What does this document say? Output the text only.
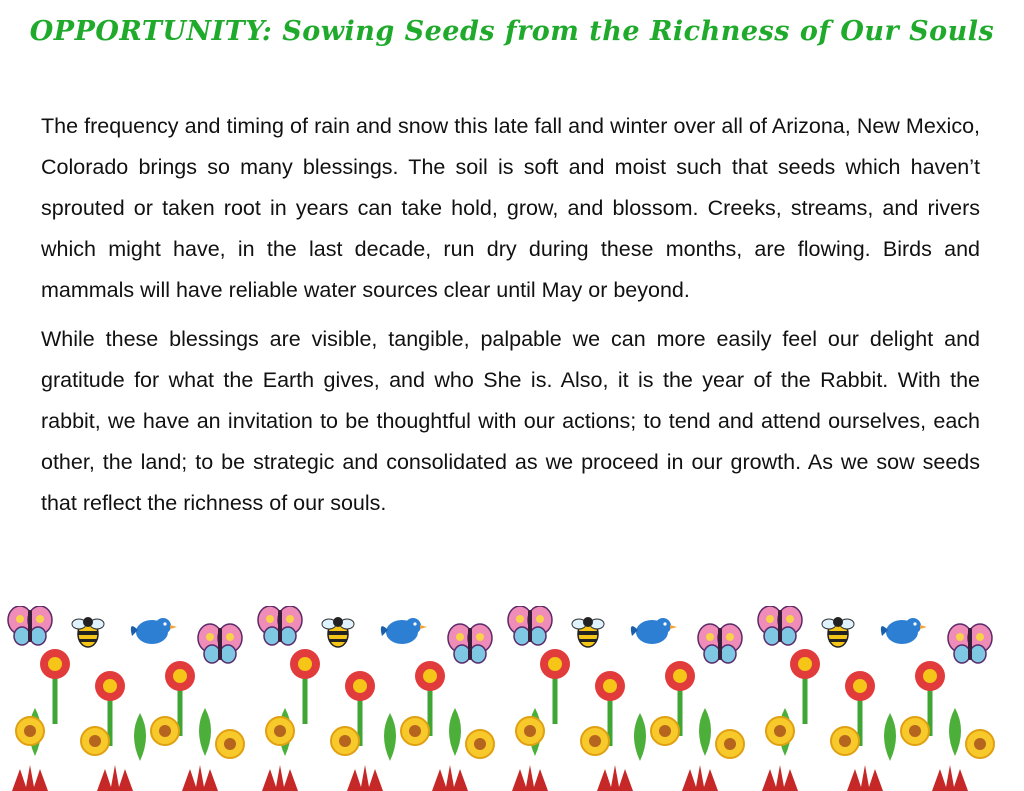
OPPORTUNITY: Sowing Seeds from the Richness of Our Souls

The frequency and timing of rain and snow this late fall and winter over all of Arizona, New Mexico, Colorado brings so many blessings. The soil is soft and moist such that seeds which haven’t sprouted or taken root in years can take hold, grow, and blossom. Creeks, streams, and rivers which might have, in the last decade, run dry during these months, are flowing. Birds and mammals will have reliable water sources clear until May or beyond.

While these blessings are visible, tangible, palpable we can more easily feel our delight and gratitude for what the Earth gives, and who She is. Also, it is the year of the Rabbit. With the rabbit, we have an invitation to be thoughtful with our actions; to tend and attend ourselves, each other, the land; to be strategic and consolidated as we proceed in our growth. As we sow seeds that reflect the richness of our souls.
